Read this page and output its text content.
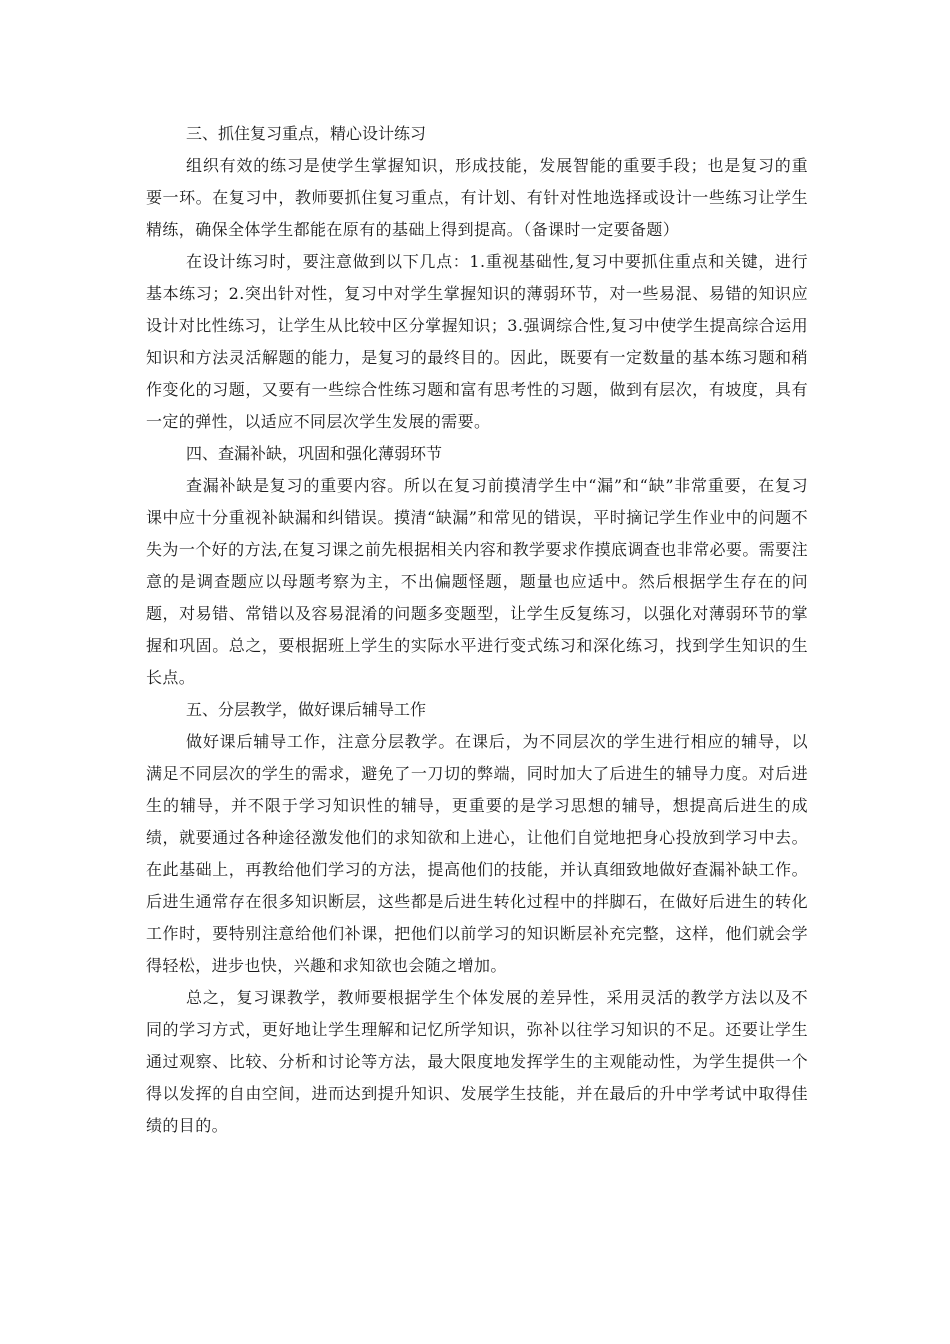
三、抓住复习重点，精心设计练习

组织有效的练习是使学生掌握知识，形成技能，发展智能的重要手段；也是复习的重要一环。在复习中，教师要抓住复习重点，有计划、有针对性地选择或设计一些练习让学生精练，确保全体学生都能在原有的基础上得到提高。（备课时一定要备题）

在设计练习时，要注意做到以下几点：1.重视基础性,复习中要抓住重点和关键，进行基本练习；2.突出针对性，复习中对学生掌握知识的薄弱环节，对一些易混、易错的知识应设计对比性练习，让学生从比较中区分掌握知识；3.强调综合性,复习中使学生提高综合运用知识和方法灵活解题的能力，是复习的最终目的。因此，既要有一定数量的基本练习题和稍作变化的习题，又要有一些综合性练习题和富有思考性的习题，做到有层次，有坡度，具有一定的弹性，以适应不同层次学生发展的需要。

四、查漏补缺，巩固和强化薄弱环节

查漏补缺是复习的重要内容。所以在复习前摸清学生中“漏”和“缺”非常重要，在复习课中应十分重视补缺漏和纠错误。摸清“缺漏”和常见的错误，平时摘记学生作业中的问题不失为一个好的方法,在复习课之前先根据相关内容和教学要求作摸底调查也非常必要。需要注意的是调查题应以母题考察为主，不出偏题怪题，题量也应适中。然后根据学生存在的问题，对易错、常错以及容易混淆的问题多变题型，让学生反复练习，以强化对薄弱环节的掌握和巩固。总之，要根据班上学生的实际水平进行变式练习和深化练习，找到学生知识的生长点。

五、分层教学，做好课后辅导工作

做好课后辅导工作，注意分层教学。在课后，为不同层次的学生进行相应的辅导，以满足不同层次的学生的需求，避免了一刀切的弊端，同时加大了后进生的辅导力度。对后进生的辅导，并不限于学习知识性的辅导，更重要的是学习思想的辅导，想提高后进生的成绩，就要通过各种途径激发他们的求知欲和上进心，让他们自觉地把身心投放到学习中去。在此基础上，再教给他们学习的方法，提高他们的技能，并认真细致地做好查漏补缺工作。后进生通常存在很多知识断层，这些都是后进生转化过程中的拌脚石，在做好后进生的转化工作时，要特别注意给他们补课，把他们以前学习的知识断层补充完整，这样，他们就会学得轻松，进步也快，兴趣和求知欲也会随之增加。

总之，复习课教学，教师要根据学生个体发展的差异性，采用灵活的教学方法以及不同的学习方式，更好地让学生理解和记忆所学知识，弥补以往学习知识的不足。还要让学生通过观察、比较、分析和讨论等方法，最大限度地发挥学生的主观能动性，为学生提供一个得以发挥的自由空间，进而达到提升知识、发展学生技能，并在最后的升中学考试中取得佳绩的目的。
